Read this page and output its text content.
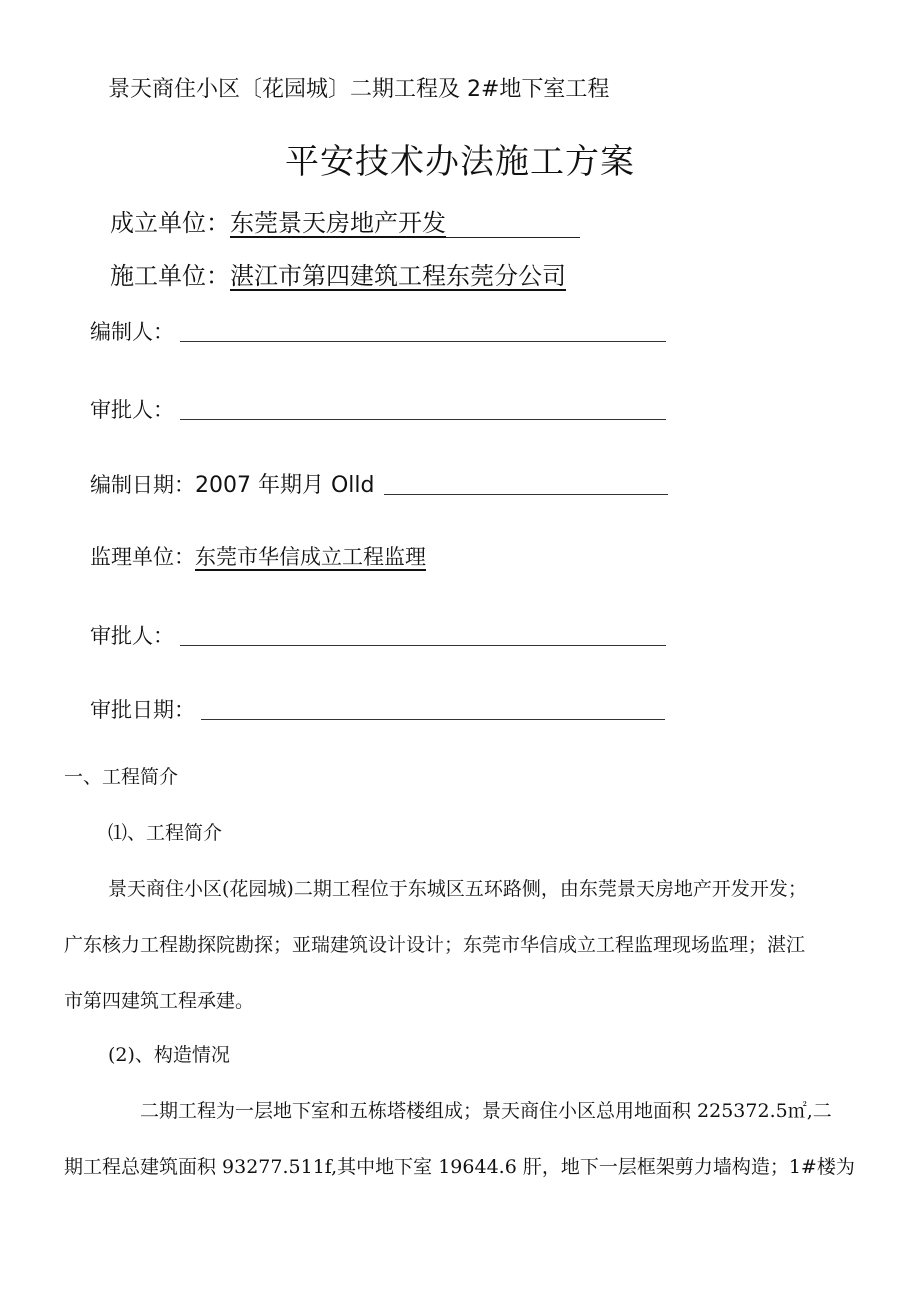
景天商住小区〔花园城〕二期工程及 2#地下室工程
平安技术办法施工方案
成立单位：东莞景天房地产开发
施工单位：湛江市第四建筑工程东莞分公司
编制人：
审批人：
编制日期： 2007 年期月 Olld
监理单位： 东莞市华信成立工程监理
审批人：
审批日期：
一、工程简介
⑴、工程简介
景天商住小区(花园城)二期工程位于东城区五环路侧，由东莞景天房地产开发开发；
广东核力工程勘探院勘探；亚瑞建筑设计设计；东莞市华信成立工程监理现场监理；湛江
市第四建筑工程承建。
(2)、构造情况
二期工程为一层地下室和五栋塔楼组成；景天商住小区总用地面积 225372.5㎡,二
期工程总建筑面积 93277.511f,其中地下室 19644.6 肝，地下一层框架剪力墙构造；1#楼为
